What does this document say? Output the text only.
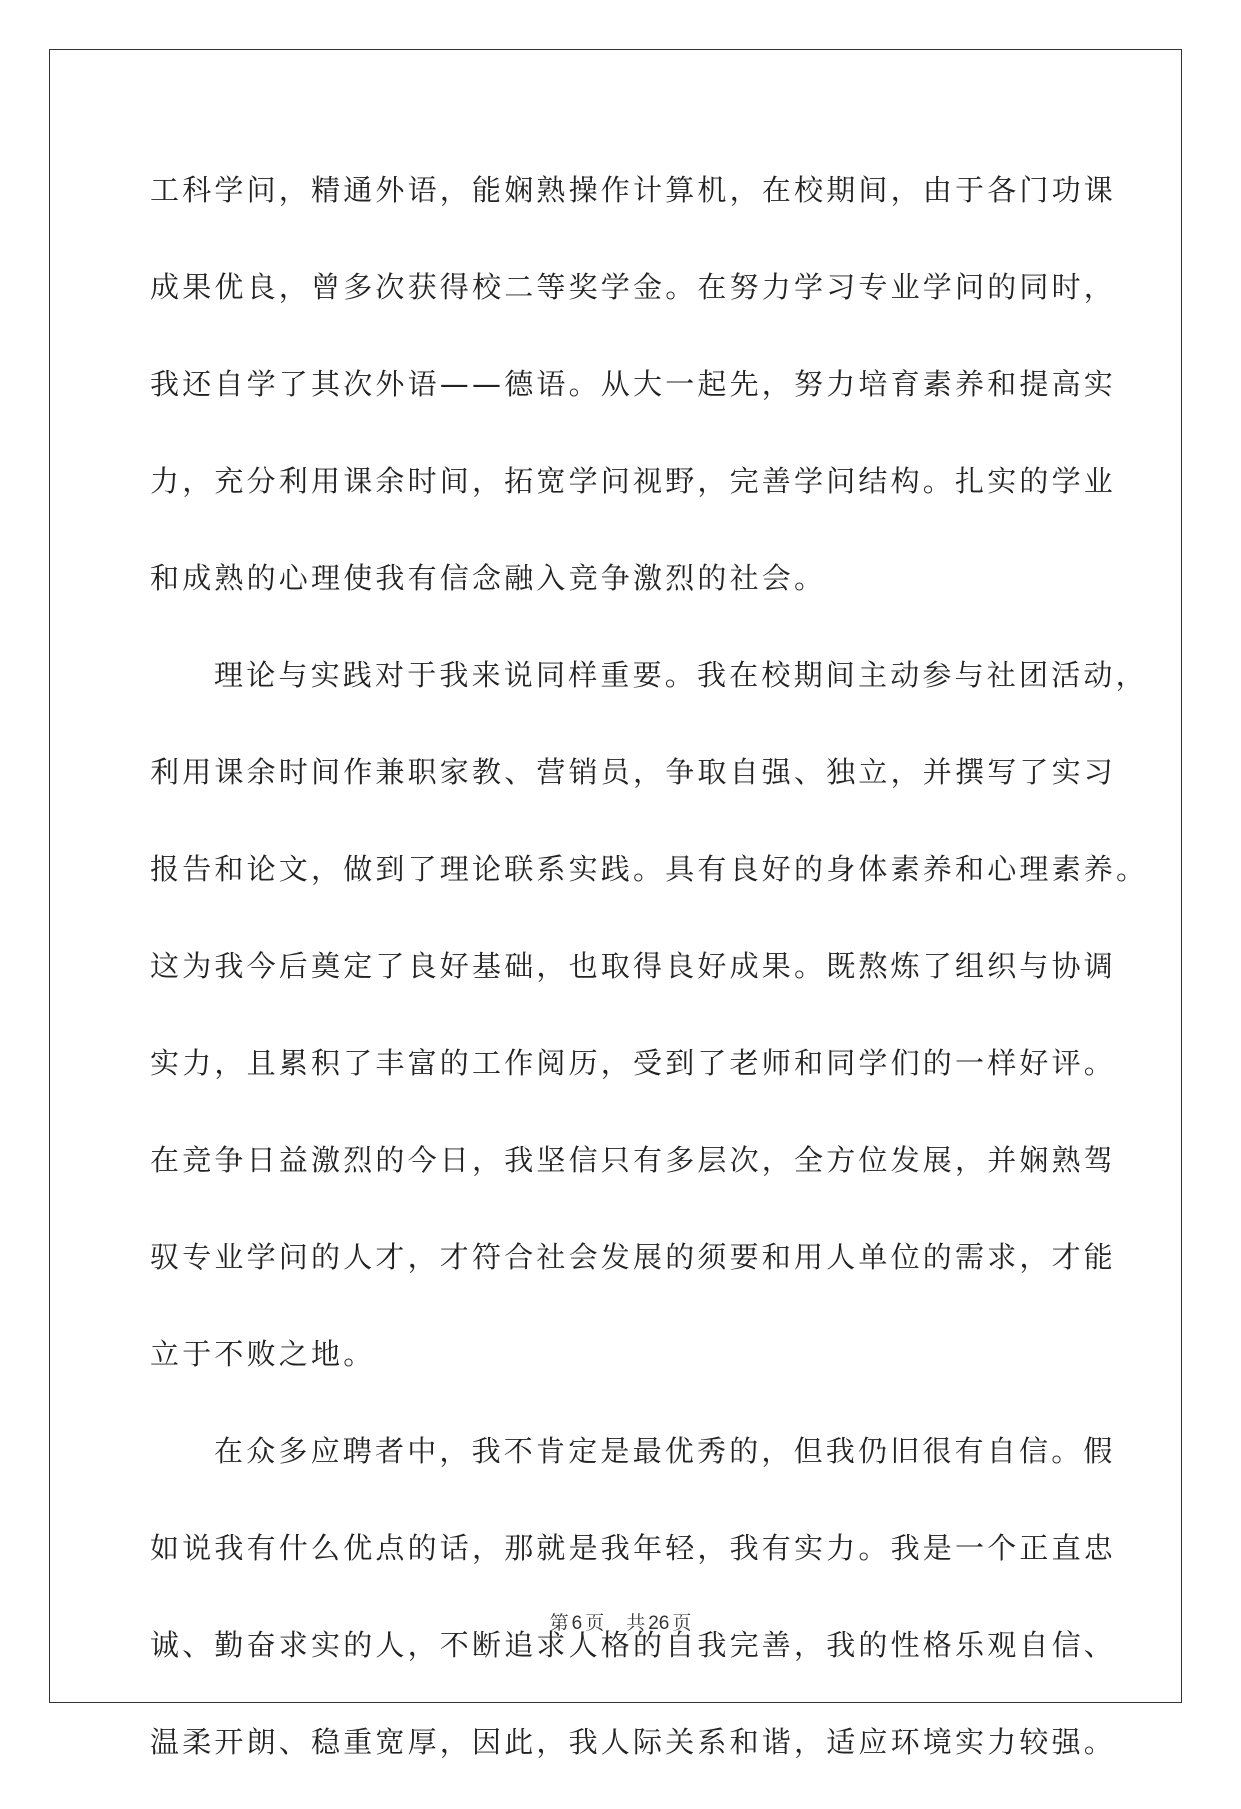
工科学问，精通外语，能娴熟操作计算机，在校期间，由于各门功课
成果优良，曾多次获得校二等奖学金。在努力学习专业学问的同时，
我还自学了其次外语——德语。从大一起先，努力培育素养和提高实
力，充分利用课余时间，拓宽学问视野，完善学问结构。扎实的学业
和成熟的心理使我有信念融入竞争激烈的社会。
理论与实践对于我来说同样重要。我在校期间主动参与社团活动，
利用课余时间作兼职家教、营销员，争取自强、独立，并撰写了实习
报告和论文，做到了理论联系实践。具有良好的身体素养和心理素养。
这为我今后奠定了良好基础，也取得良好成果。既熬炼了组织与协调
实力，且累积了丰富的工作阅历，受到了老师和同学们的一样好评。
在竞争日益激烈的今日，我坚信只有多层次，全方位发展，并娴熟驾
驭专业学问的人才，才符合社会发展的须要和用人单位的需求，才能
立于不败之地。
在众多应聘者中，我不肯定是最优秀的，但我仍旧很有自信。假
如说我有什么优点的话，那就是我年轻，我有实力。我是一个正直忠
诚、勤奋求实的人，不断追求人格的自我完善，我的性格乐观自信、
温柔开朗、稳重宽厚，因此，我人际关系和谐，适应环境实力较强。
第 6 页 共 26 页
